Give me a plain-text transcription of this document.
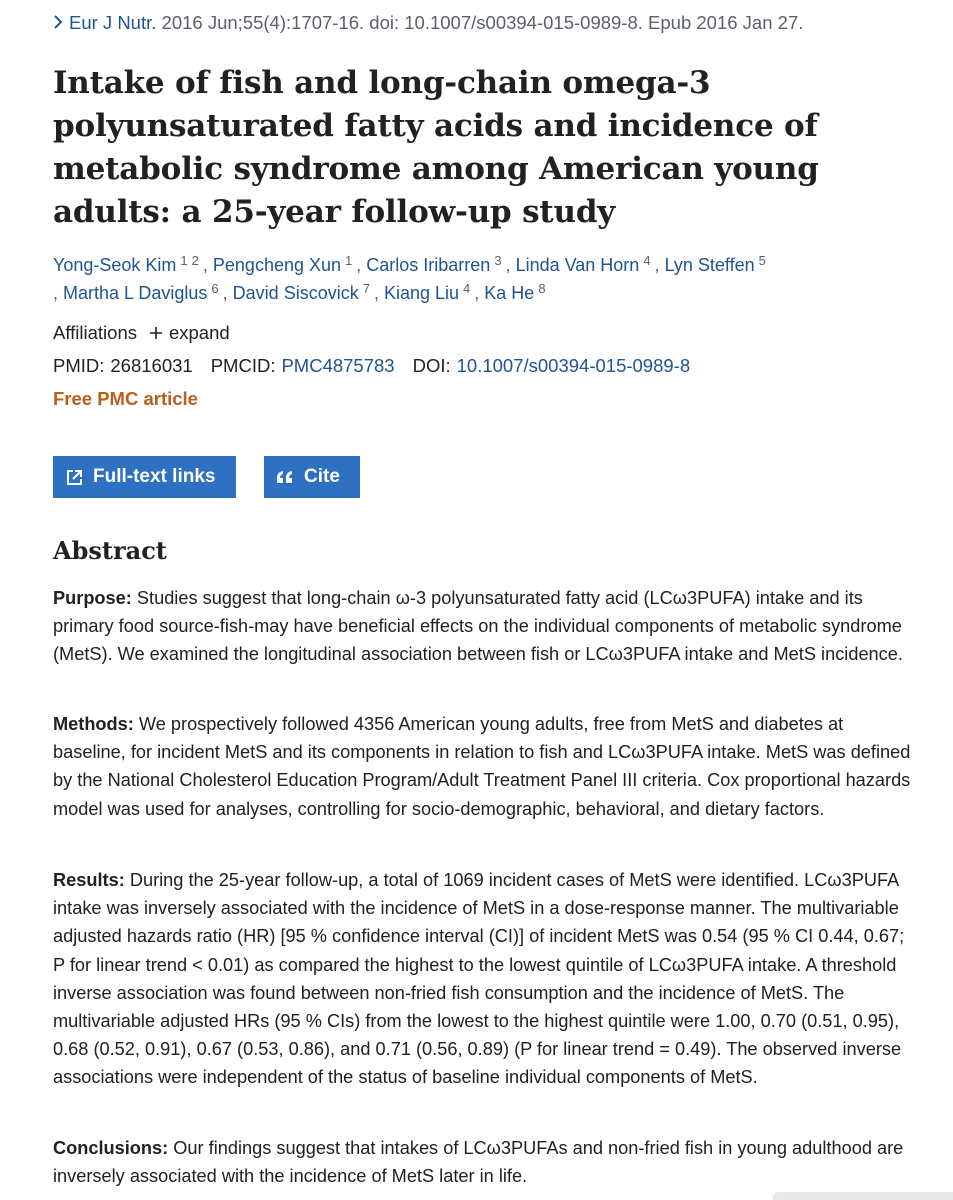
Eur J Nutr. 2016 Jun;55(4):1707-16. doi: 10.1007/s00394-015-0989-8. Epub 2016 Jan 27.
Intake of fish and long-chain omega-3 polyunsaturated fatty acids and incidence of metabolic syndrome among American young adults: a 25-year follow-up study
Yong-Seok Kim $^{1 2}$ , Pengcheng Xun $^1$ , Carlos Iribarren $^3$ , Linda Van Horn $^4$ , Lyn Steffen $^5$
, Martha L Daviglus $^6$ , David Siscovick $^7$ , Kiang Liu $^4$ , Ka He $^8$
Affiliations expand
PMID: 26816031 PMCID: PMC4875783 DOI: 10.1007/s00394-015-0989-8
Free PMC article
Full-text links	Cite
Abstract

Purpose: Studies suggest that long-chain ω-3 polyunsaturated fatty acid (LCω3PUFA) intake and its primary food source-fish-may have beneficial effects on the individual components of metabolic syndrome (MetS). We examined the longitudinal association between fish or LCω3PUFA intake and MetS incidence.

Methods: We prospectively followed 4356 American young adults, free from MetS and diabetes at baseline, for incident MetS and its components in relation to fish and LCω3PUFA intake. MetS was defined by the National Cholesterol Education Program/Adult Treatment Panel III criteria. Cox proportional hazards model was used for analyses, controlling for socio-demographic, behavioral, and dietary factors.

Results: During the 25-year follow-up, a total of 1069 incident cases of MetS were identified. LCω3PUFA intake was inversely associated with the incidence of MetS in a dose-response manner. The multivariable adjusted hazards ratio (HR) [95 % confidence interval (CI)] of incident MetS was 0.54 (95 % CI 0.44, 0.67; P for linear trend < 0.01) as compared the highest to the lowest quintile of LCω3PUFA intake. A threshold inverse association was found between non-fried fish consumption and the incidence of MetS. The multivariable adjusted HRs (95 % CIs) from the lowest to the highest quintile were 1.00, 0.70 (0.51, 0.95), 0.68 (0.52, 0.91), 0.67 (0.53, 0.86), and 0.71 (0.56, 0.89) (P for linear trend = 0.49). The observed inverse associations were independent of the status of baseline individual components of MetS.

Conclusions: Our findings suggest that intakes of LCω3PUFAs and non-fried fish in young adulthood are inversely associated with the incidence of MetS later in life.
